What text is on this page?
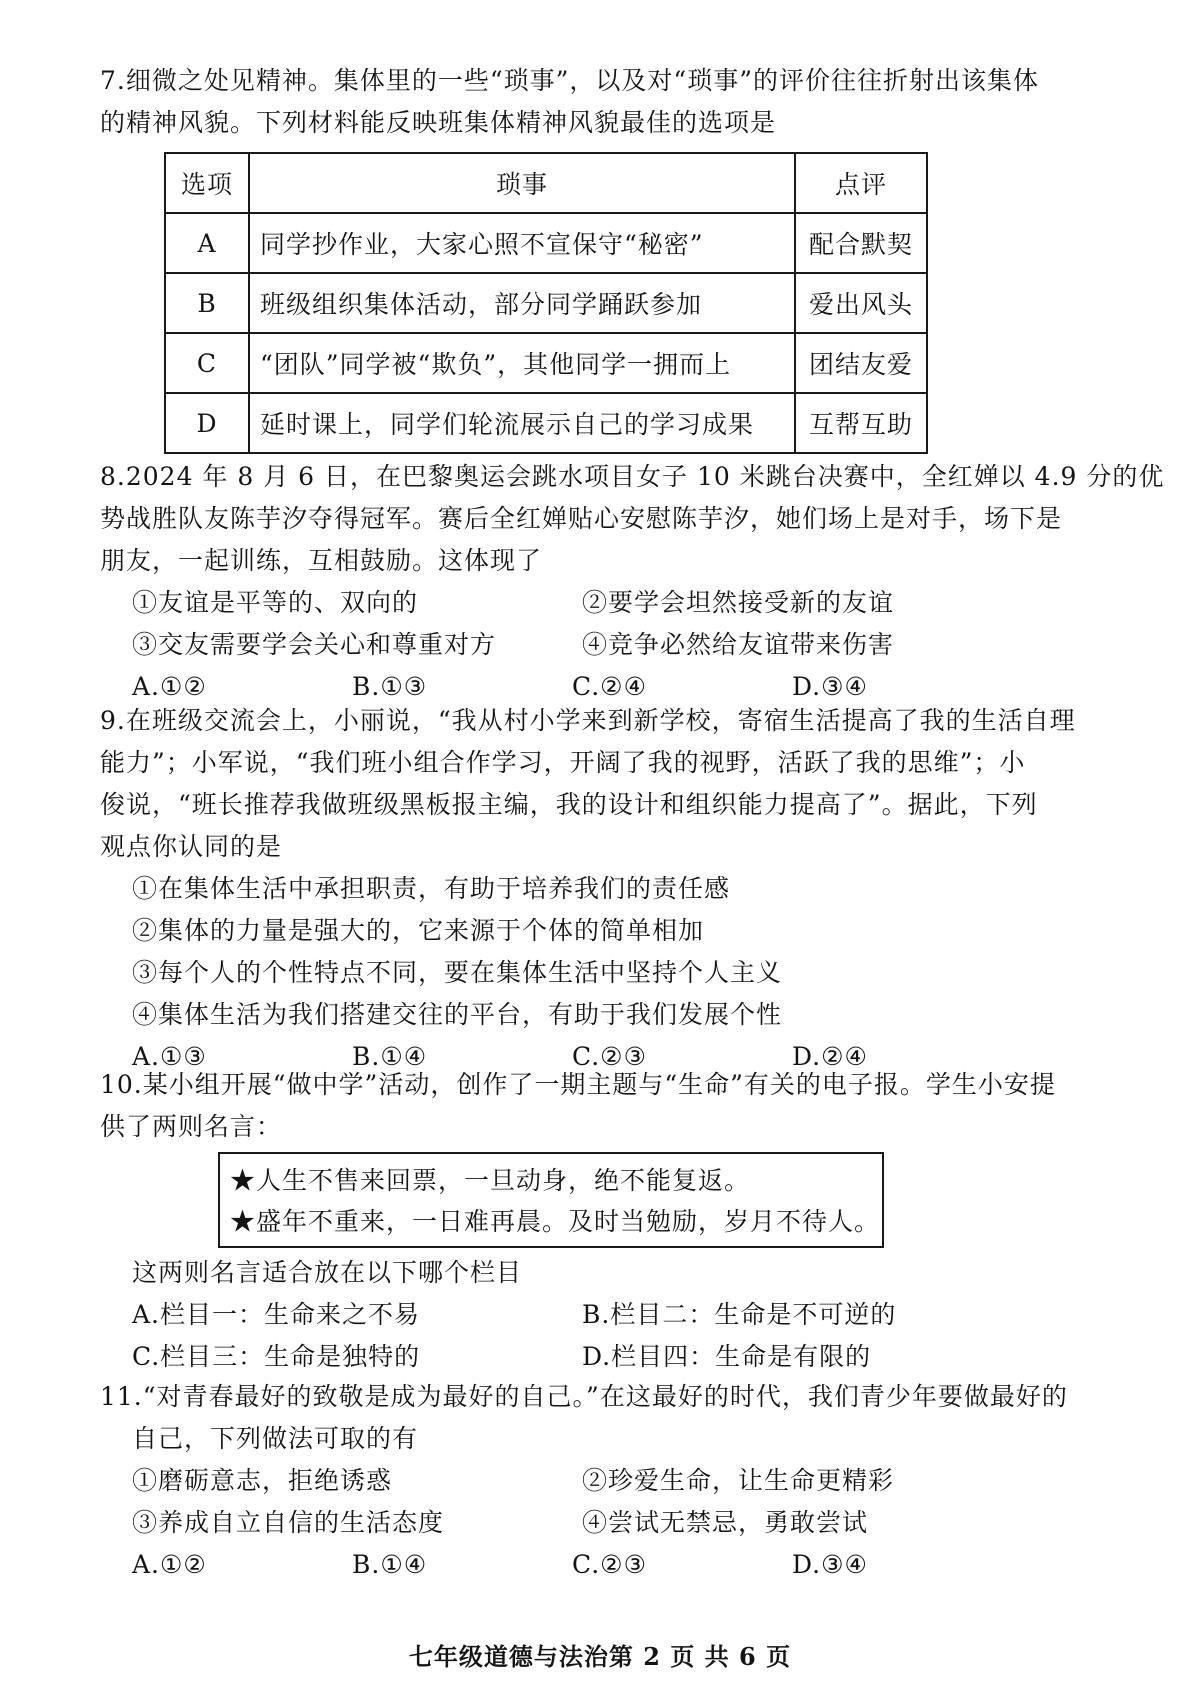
7.细微之处见精神。集体里的一些“琐事”，以及对“琐事”的评价往往折射出该集体
的精神风貌。下列材料能反映班集体精神风貌最佳的选项是
选项	琐事	点评
A	同学抄作业，大家心照不宣保守“秘密”	配合默契
B	班级组织集体活动，部分同学踊跃参加	爱出风头
C	“团队”同学被“欺负”，其他同学一拥而上	团结友爱
D	延时课上，同学们轮流展示自己的学习成果	互帮互助
8.2024 年 8 月 6 日，在巴黎奥运会跳水项目女子 10 米跳台决赛中，全红婵以 4.9 分的优
势战胜队友陈芋汐夺得冠军。赛后全红婵贴心安慰陈芋汐，她们场上是对手，场下是
朋友，一起训练，互相鼓励。这体现了
①友谊是平等的、双向的	②要学会坦然接受新的友谊
③交友需要学会关心和尊重对方	④竞争必然给友谊带来伤害
A.①②	B.①③	C.②④	D.③④
9.在班级交流会上，小丽说，“我从村小学来到新学校，寄宿生活提高了我的生活自理
能力”；小军说，“我们班小组合作学习，开阔了我的视野，活跃了我的思维”；小
俊说，“班长推荐我做班级黑板报主编，我的设计和组织能力提高了”。据此，下列
观点你认同的是
①在集体生活中承担职责，有助于培养我们的责任感
②集体的力量是强大的，它来源于个体的简单相加
③每个人的个性特点不同，要在集体生活中坚持个人主义
④集体生活为我们搭建交往的平台，有助于我们发展个性
A.①③	B.①④	C.②③	D.②④
10.某小组开展“做中学”活动，创作了一期主题与“生命”有关的电子报。学生小安提
供了两则名言：
★人生不售来回票，一旦动身，绝不能复返。
★盛年不重来，一日难再晨。及时当勉励，岁月不待人。
这两则名言适合放在以下哪个栏目
A.栏目一：生命来之不易	B.栏目二：生命是不可逆的
C.栏目三：生命是独特的	D.栏目四：生命是有限的
11.“对青春最好的致敬是成为最好的自己。”在这最好的时代，我们青少年要做最好的
自己，下列做法可取的有
①磨砺意志，拒绝诱惑	②珍爱生命，让生命更精彩
③养成自立自信的生活态度	④尝试无禁忌，勇敢尝试
A.①②	B.①④	C.②③	D.③④
七年级道德与法治第 2 页 共 6 页
